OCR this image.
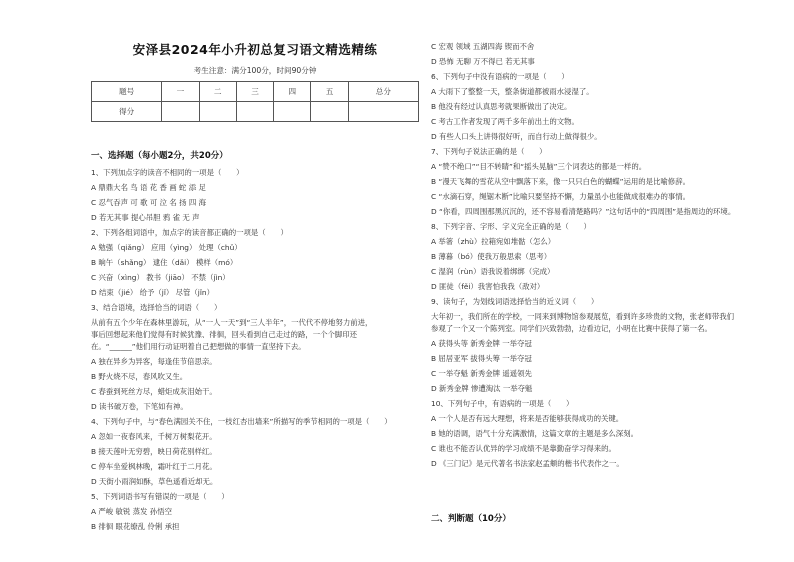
安泽县2024年小升初总复习语文精选精练
考生注意：满分100分，时间90分钟
题号	一	二	三	四	五	总分
得分						
一、选择题（每小题2分，共20分）
1、下列加点字的读音不相同的一项是（　　）
A 鼎鼎大名 鸟 语 花 香 画 蛇 添 足
C 忍气吞声 可 歌 可 泣 名 扬 四 海
D 若无其事 提心吊胆 鸦 雀 无 声
2、下列各组词语中，加点字的读音都正确的一项是（　　）
A 勉强（qiǎng） 应用（yìng） 处理（chǔ）
B 晌午（shǎng） 逮住（dǎi） 模样（mó）
C 兴奋（xìng） 教书（jiāo） 不禁（jìn）
D 结束（jié） 给予（jǐ） 尽管（jǐn）
3、结合语境，选择恰当的词语（　　）
从前有五个少年在森林里游玩，从“一人一天”到“三人半年”，一代代不停地努力前进，
事后回想起来他们觉得有时候犹豫、徘徊，回头看到自己走过的路，一个个脚印还
在。“______”他们用行动证明着自己把想做的事情一直坚持下去。
A 独在异乡为异客，每逢佳节倍思亲。
B 野火烧不尽，春风吹又生。
C 春蚕到死丝方尽，蜡炬成灰泪始干。
D 读书破万卷，下笔如有神。
4、下列句子中，与“春色满园关不住，一枝红杏出墙来”所描写的季节相同的一项是（　　）
A 忽如一夜春风来，千树万树梨花开。
B 接天莲叶无穷碧，映日荷花别样红。
C 停车坐爱枫林晚，霜叶红于二月花。
D 天街小雨润如酥，草色遥看近却无。
5、下列词语书写有错误的一项是（　　）
A 严峻 敏锐 蒸发 孙悟空
B 徘徊 眼花缭乱 伶俐 承担
C 宏观 领域 五湖四海 锲而不舍
D 恐怖 无聊 万不得已 若无其事
6、下列句子中没有语病的一项是（　　）
A 大雨下了整整一天，整条街道都被雨水浸湿了。
B 他没有经过认真思考就果断做出了决定。
C 考古工作者发现了两千多年前出土的文物。
D 有些人口头上讲得很好听，而自行动上做得很少。
7、下列句子说法正确的是（　　）
A “赞不绝口”“目不转睛”和“摇头晃脑”三个词表达的都是一样的。
B “漫天飞舞的雪花从空中飘落下来，像一只只白色的蝴蝶”运用的是比喻修辞。
C “水滴石穿，绳锯木断”比喻只要坚持不懈，力量虽小也能做成很难办的事情。
D “你看，四周围那黑沉沉的，还不容易看清楚路吗？”这句话中的“四周围”是指周边的环境。
8、下列字音、字形、字义完全正确的是（　　）
A 举箸（zhù）拉箱宛如堆骷（怎么）
B 薄暮（bó）使我万般思索（思考）
C 湿润（rùn）语我说着绑绑（完成）
D 匪徒（fěi）我害怕我我（敌对）
9、读句子，为划线词语选择恰当的近义词（　　）
大年初一，我们所在的学校，一同来到博物馆参观展览，看到许多珍贵的文物，张老师带我们
参观了一个又一个陈列室。同学们兴致勃勃，边看边记，小明在比赛中获得了第一名。
A 获得头等 新秀金牌 一举夺冠
B 屈居亚军 拔得头筹 一举夺冠
C 一举夺魁 新秀金牌 遥遥领先
D 新秀金牌 惨遭淘汰 一举夺魁
10、下列句子中，有语病的一项是（　　）
A 一个人是否有远大理想，将来是否能够获得成功的关键。
B 她的语调，语气十分充满激情，这篇文章的主题是多么深刻。
C 谁也不能否认优异的学习成绩不是靠勤奋学习得来的。
D 《三门记》是元代著名书法家赵孟頫的楷书代表作之一。
二、判断题（10分）
